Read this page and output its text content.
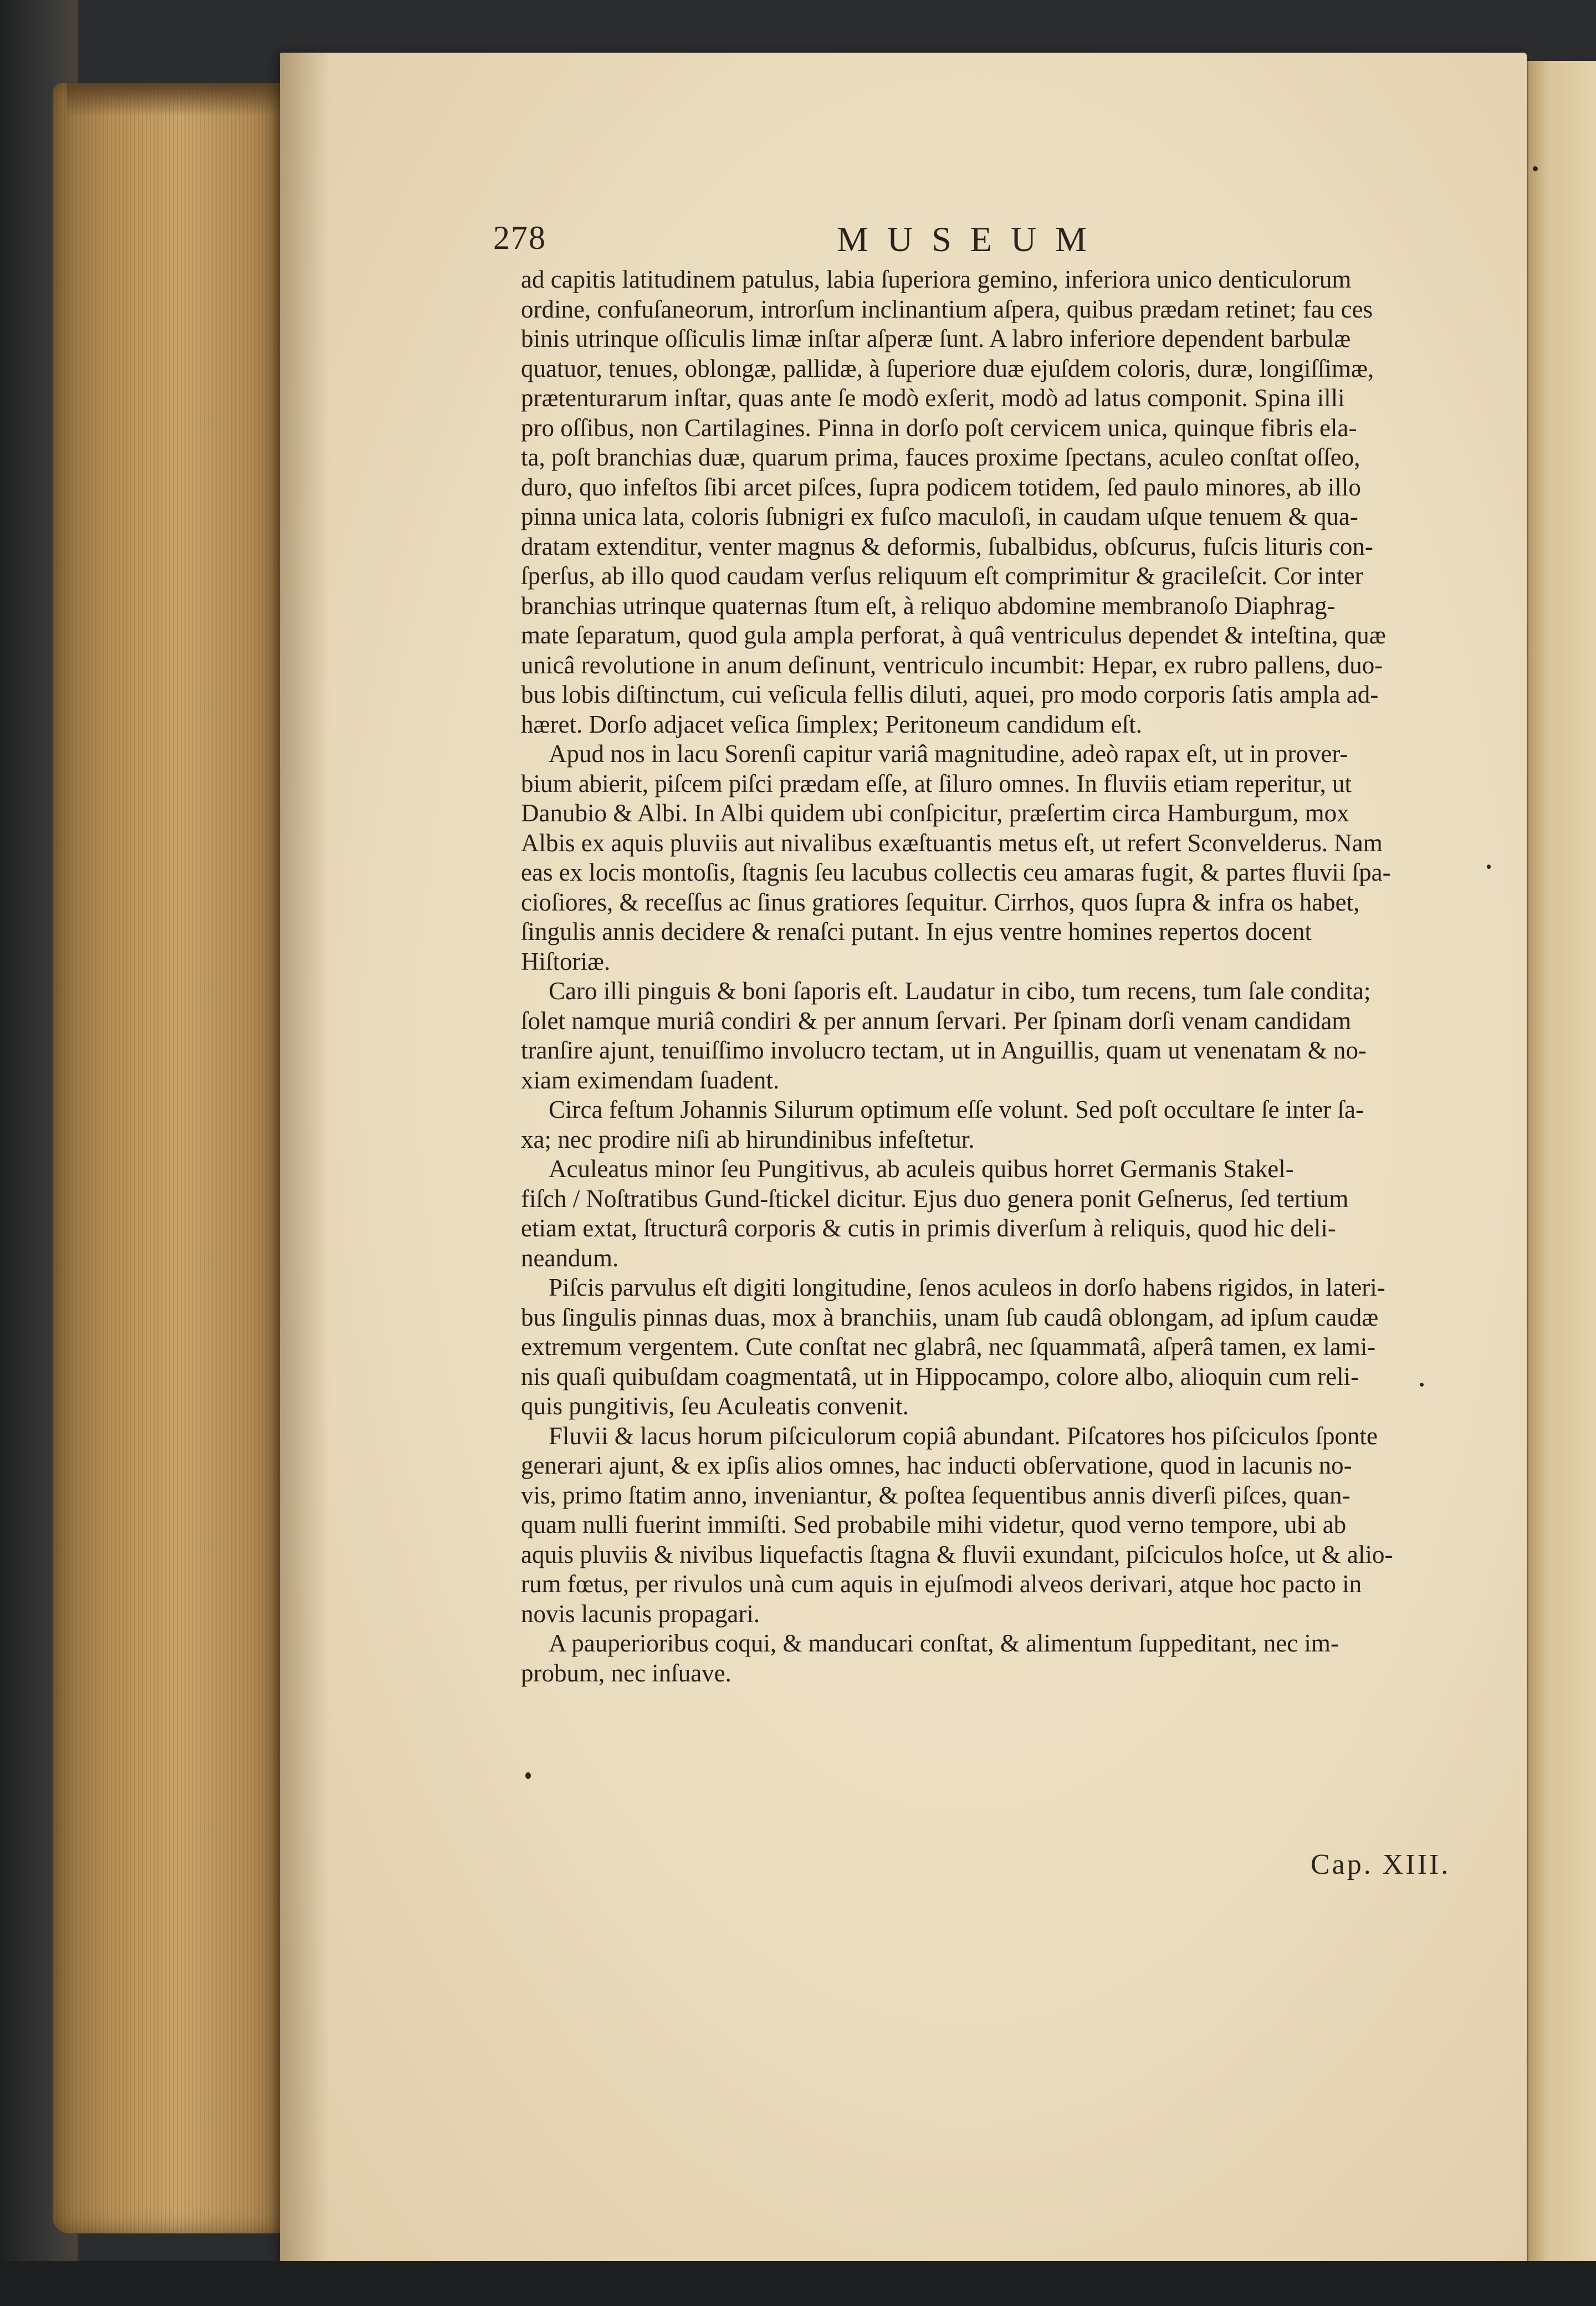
278	MUSEUM
ad capitis latitudinem patulus, labia ſuperiora gemino, inferiora unico denticulorum
ordine, confuſaneorum, introrſum inclinantium aſpera, quibus prædam retinet; fau ces
binis utrinque oſſiculis limæ inſtar aſperæ ſunt. A labro inferiore dependent barbulæ
quatuor, tenues, oblongæ, pallidæ, à ſuperiore duæ ejuſdem coloris, duræ, longiſſimæ,
prætenturarum inſtar, quas ante ſe modò exſerit, modò ad latus componit. Spina illi
pro oſſibus, non Cartilagines. Pinna in dorſo poſt cervicem unica, quinque fibris ela-
ta, poſt branchias duæ, quarum prima, fauces proxime ſpectans, aculeo conſtat oſſeo,
duro, quo infeſtos ſibi arcet piſces, ſupra podicem totidem, ſed paulo minores, ab illo
pinna unica lata, coloris ſubnigri ex fuſco maculoſi, in caudam uſque tenuem & qua-
dratam extenditur, venter magnus & deformis, ſubalbidus, obſcurus, fuſcis lituris con-
ſperſus, ab illo quod caudam verſus reliquum eſt comprimitur & gracileſcit. Cor inter
branchias utrinque quaternas ſtum eſt, à reliquo abdomine membranoſo Diaphrag-
mate ſeparatum, quod gula ampla perforat, à quâ ventriculus dependet & inteſtina, quæ
unicâ revolutione in anum deſinunt, ventriculo incumbit: Hepar, ex rubro pallens, duo-
bus lobis diſtinctum, cui veſicula fellis diluti, aquei, pro modo corporis ſatis ampla ad-
hæret. Dorſo adjacet veſica ſimplex; Peritoneum candidum eſt.
Apud nos in lacu Sorenſi capitur variâ magnitudine, adeò rapax eſt, ut in prover-
bium abierit, piſcem piſci prædam eſſe, at ſiluro omnes. In fluviis etiam reperitur, ut
Danubio & Albi. In Albi quidem ubi conſpicitur, præſertim circa Hamburgum, mox
Albis ex aquis pluviis aut nivalibus exæſtuantis metus eſt, ut refert Sconvelderus. Nam
eas ex locis montoſis, ſtagnis ſeu lacubus collectis ceu amaras fugit, & partes fluvii ſpa-
cioſiores, & receſſus ac ſinus gratiores ſequitur. Cirrhos, quos ſupra & infra os habet,
ſingulis annis decidere & renaſci putant. In ejus ventre homines repertos docent
Hiſtoriæ.
Caro illi pinguis & boni ſaporis eſt. Laudatur in cibo, tum recens, tum ſale condita;
ſolet namque muriâ condiri & per annum ſervari. Per ſpinam dorſi venam candidam
tranſire ajunt, tenuiſſimo involucro tectam, ut in Anguillis, quam ut venenatam & no-
xiam eximendam ſuadent.
Circa feſtum Johannis Silurum optimum eſſe volunt. Sed poſt occultare ſe inter ſa-
xa; nec prodire niſi ab hirundinibus infeſtetur.
Aculeatus minor ſeu Pungitivus, ab aculeis quibus horret Germanis Stakel-
fiſch / Noſtratibus Gund-ſtickel dicitur. Ejus duo genera ponit Geſnerus, ſed tertium
etiam extat, ſtructurâ corporis & cutis in primis diverſum à reliquis, quod hic deli-
neandum.
Piſcis parvulus eſt digiti longitudine, ſenos aculeos in dorſo habens rigidos, in lateri-
bus ſingulis pinnas duas, mox à branchiis, unam ſub caudâ oblongam, ad ipſum caudæ
extremum vergentem. Cute conſtat nec glabrâ, nec ſquammatâ, aſperâ tamen, ex lami-
nis quaſi quibuſdam coagmentatâ, ut in Hippocampo, colore albo, alioquin cum reli-
quis pungitivis, ſeu Aculeatis convenit.
Fluvii & lacus horum piſciculorum copiâ abundant. Piſcatores hos piſciculos ſponte
generari ajunt, & ex ipſis alios omnes, hac inducti obſervatione, quod in lacunis no-
vis, primo ſtatim anno, inveniantur, & poſtea ſequentibus annis diverſi piſces, quan-
quam nulli fuerint immiſti. Sed probabile mihi videtur, quod verno tempore, ubi ab
aquis pluviis & nivibus liquefactis ſtagna & fluvii exundant, piſciculos hoſce, ut & alio-
rum fœtus, per rivulos unà cum aquis in ejuſmodi alveos derivari, atque hoc pacto in
novis lacunis propagari.
A pauperioribus coqui, & manducari conſtat, & alimentum ſuppeditant, nec im-
probum, nec inſuave.
Cap. XIII.
